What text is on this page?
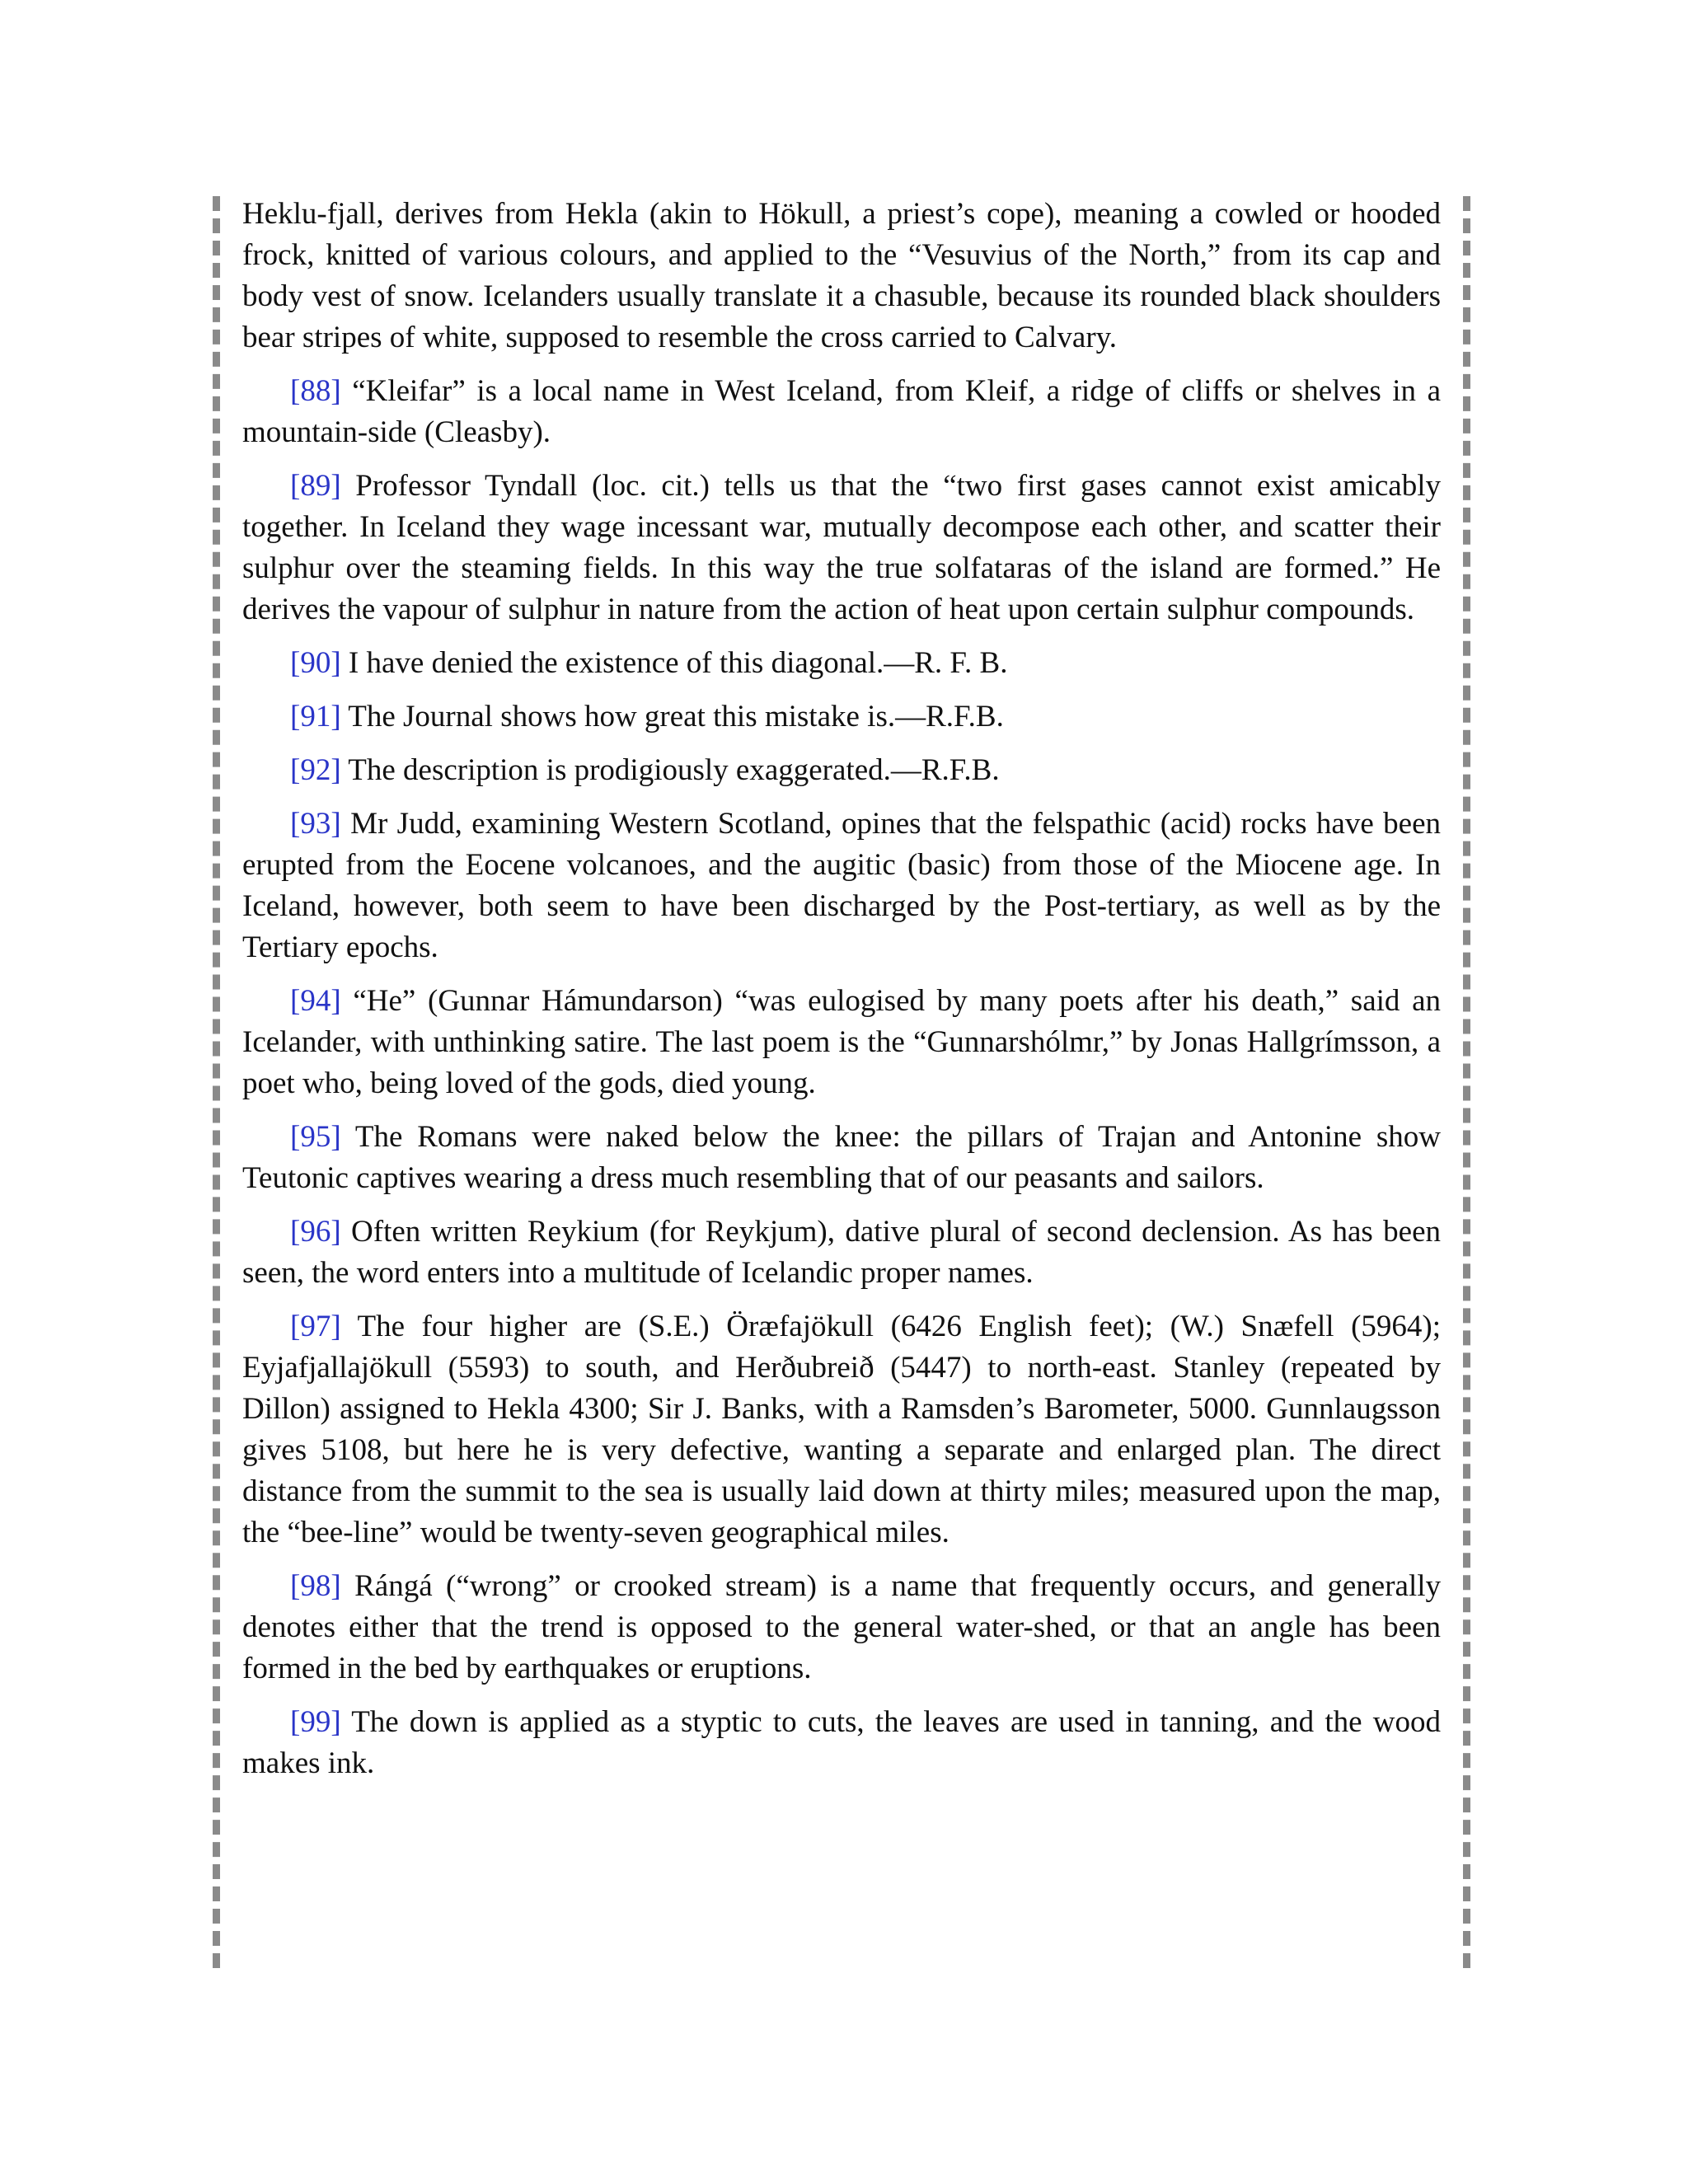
Heklu-fjall, derives from Hekla (akin to Hökull, a priest’s cope), meaning a cowled or hooded frock, knitted of various colours, and applied to the “Vesuvius of the North,” from its cap and body vest of snow. Icelanders usually translate it a chasuble, because its rounded black shoulders bear stripes of white, supposed to resemble the cross carried to Calvary.

[88] “Kleifar” is a local name in West Iceland, from Kleif, a ridge of cliffs or shelves in a mountain-side (Cleasby).

[89] Professor Tyndall (loc. cit.) tells us that the “two first gases cannot exist amicably together. In Iceland they wage incessant war, mutually decompose each other, and scatter their sulphur over the steaming fields. In this way the true solfataras of the island are formed.” He derives the vapour of sulphur in nature from the action of heat upon certain sulphur compounds.

[90] I have denied the existence of this diagonal.—R. F. B.

[91] The Journal shows how great this mistake is.—R.F.B.

[92] The description is prodigiously exaggerated.—R.F.B.

[93] Mr Judd, examining Western Scotland, opines that the felspathic (acid) rocks have been erupted from the Eocene volcanoes, and the augitic (basic) from those of the Miocene age. In Iceland, however, both seem to have been discharged by the Post-tertiary, as well as by the Tertiary epochs.

[94] “He” (Gunnar Hámundarson) “was eulogised by many poets after his death,” said an Icelander, with unthinking satire. The last poem is the “Gunnarshólmr,” by Jonas Hallgrímsson, a poet who, being loved of the gods, died young.

[95] The Romans were naked below the knee: the pillars of Trajan and Antonine show Teutonic captives wearing a dress much resembling that of our peasants and sailors.

[96] Often written Reykium (for Reykjum), dative plural of second declension. As has been seen, the word enters into a multitude of Icelandic proper names.

[97] The four higher are (S.E.) Öræfajökull (6426 English feet); (W.) Snæfell (5964); Eyjafjallajökull (5593) to south, and Herðubreið (5447) to north-east. Stanley (repeated by Dillon) assigned to Hekla 4300; Sir J. Banks, with a Ramsden’s Barometer, 5000. Gunnlaugsson gives 5108, but here he is very defective, wanting a separate and enlarged plan. The direct distance from the summit to the sea is usually laid down at thirty miles; measured upon the map, the “bee-line” would be twenty-seven geographical miles.

[98] Rángá (“wrong” or crooked stream) is a name that frequently occurs, and generally denotes either that the trend is opposed to the general water-shed, or that an angle has been formed in the bed by earthquakes or eruptions.

[99] The down is applied as a styptic to cuts, the leaves are used in tanning, and the wood makes ink.
